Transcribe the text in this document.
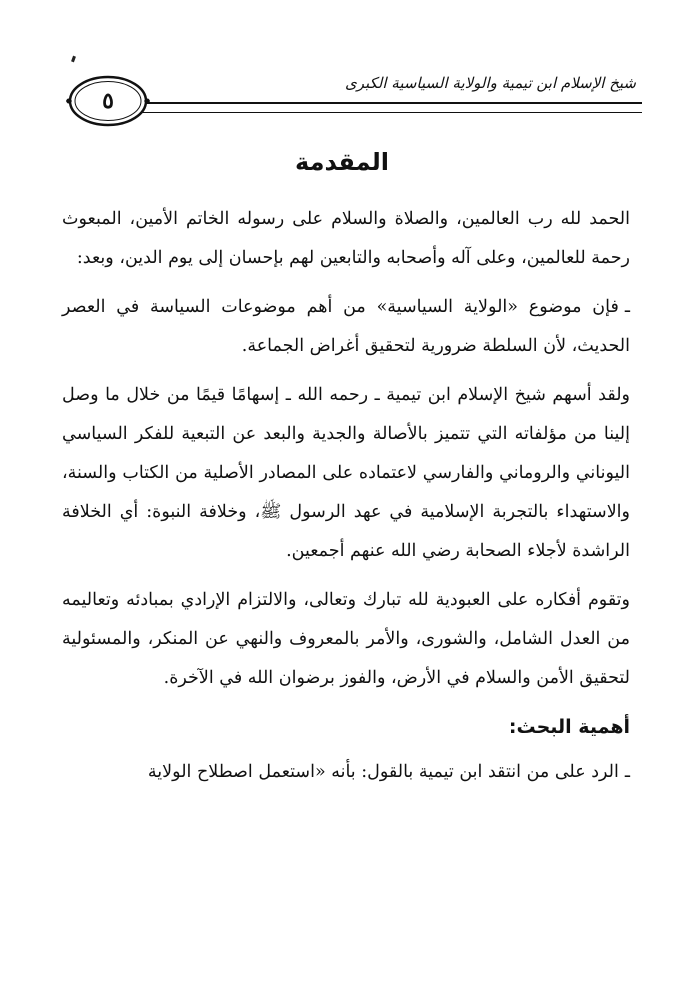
شيخ الإسلام ابن تيمية والولاية السياسية الكبرى
٥
المقدمة

الحمد لله رب العالمين، والصلاة والسلام على رسوله الخاتم الأمين، المبعوث رحمة للعالمين، وعلى آله وأصحابه والتابعين لهم بإحسان إلى يوم الدين، وبعد:

ـفإن موضوع «الولاية السياسية» من أهم موضوعات السياسة في العصر الحديث، لأن السلطة ضرورية لتحقيق أغراض الجماعة.

ولقد أسهم شيخ الإسلام ابن تيمية ـ رحمه الله ـ إسهامًا قيمًا من خلال ما وصل إلينا من مؤلفاته التي تتميز بالأصالة والجدية والبعد عن التبعية للفكر السياسي اليوناني والروماني والفارسي لاعتماده على المصادر الأصلية من الكتاب والسنة، والاستهداء بالتجربة الإسلامية في عهد الرسول ﷺ، وخلافة النبوة: أي الخلافة الراشدة لأجلاء الصحابة رضي الله عنهم أجمعين.

وتقوم أفكاره على العبودية لله تبارك وتعالى، والالتزام الإرادي بمبادئه وتعاليمه من العدل الشامل، والشورى، والأمر بالمعروف والنهي عن المنكر، والمسئولية لتحقيق الأمن والسلام في الأرض، والفوز برضوان الله في الآخرة.

أهمية البحث:

ـالرد على من انتقد ابن تيمية بالقول: بأنه «استعمل اصطلاح الولاية
